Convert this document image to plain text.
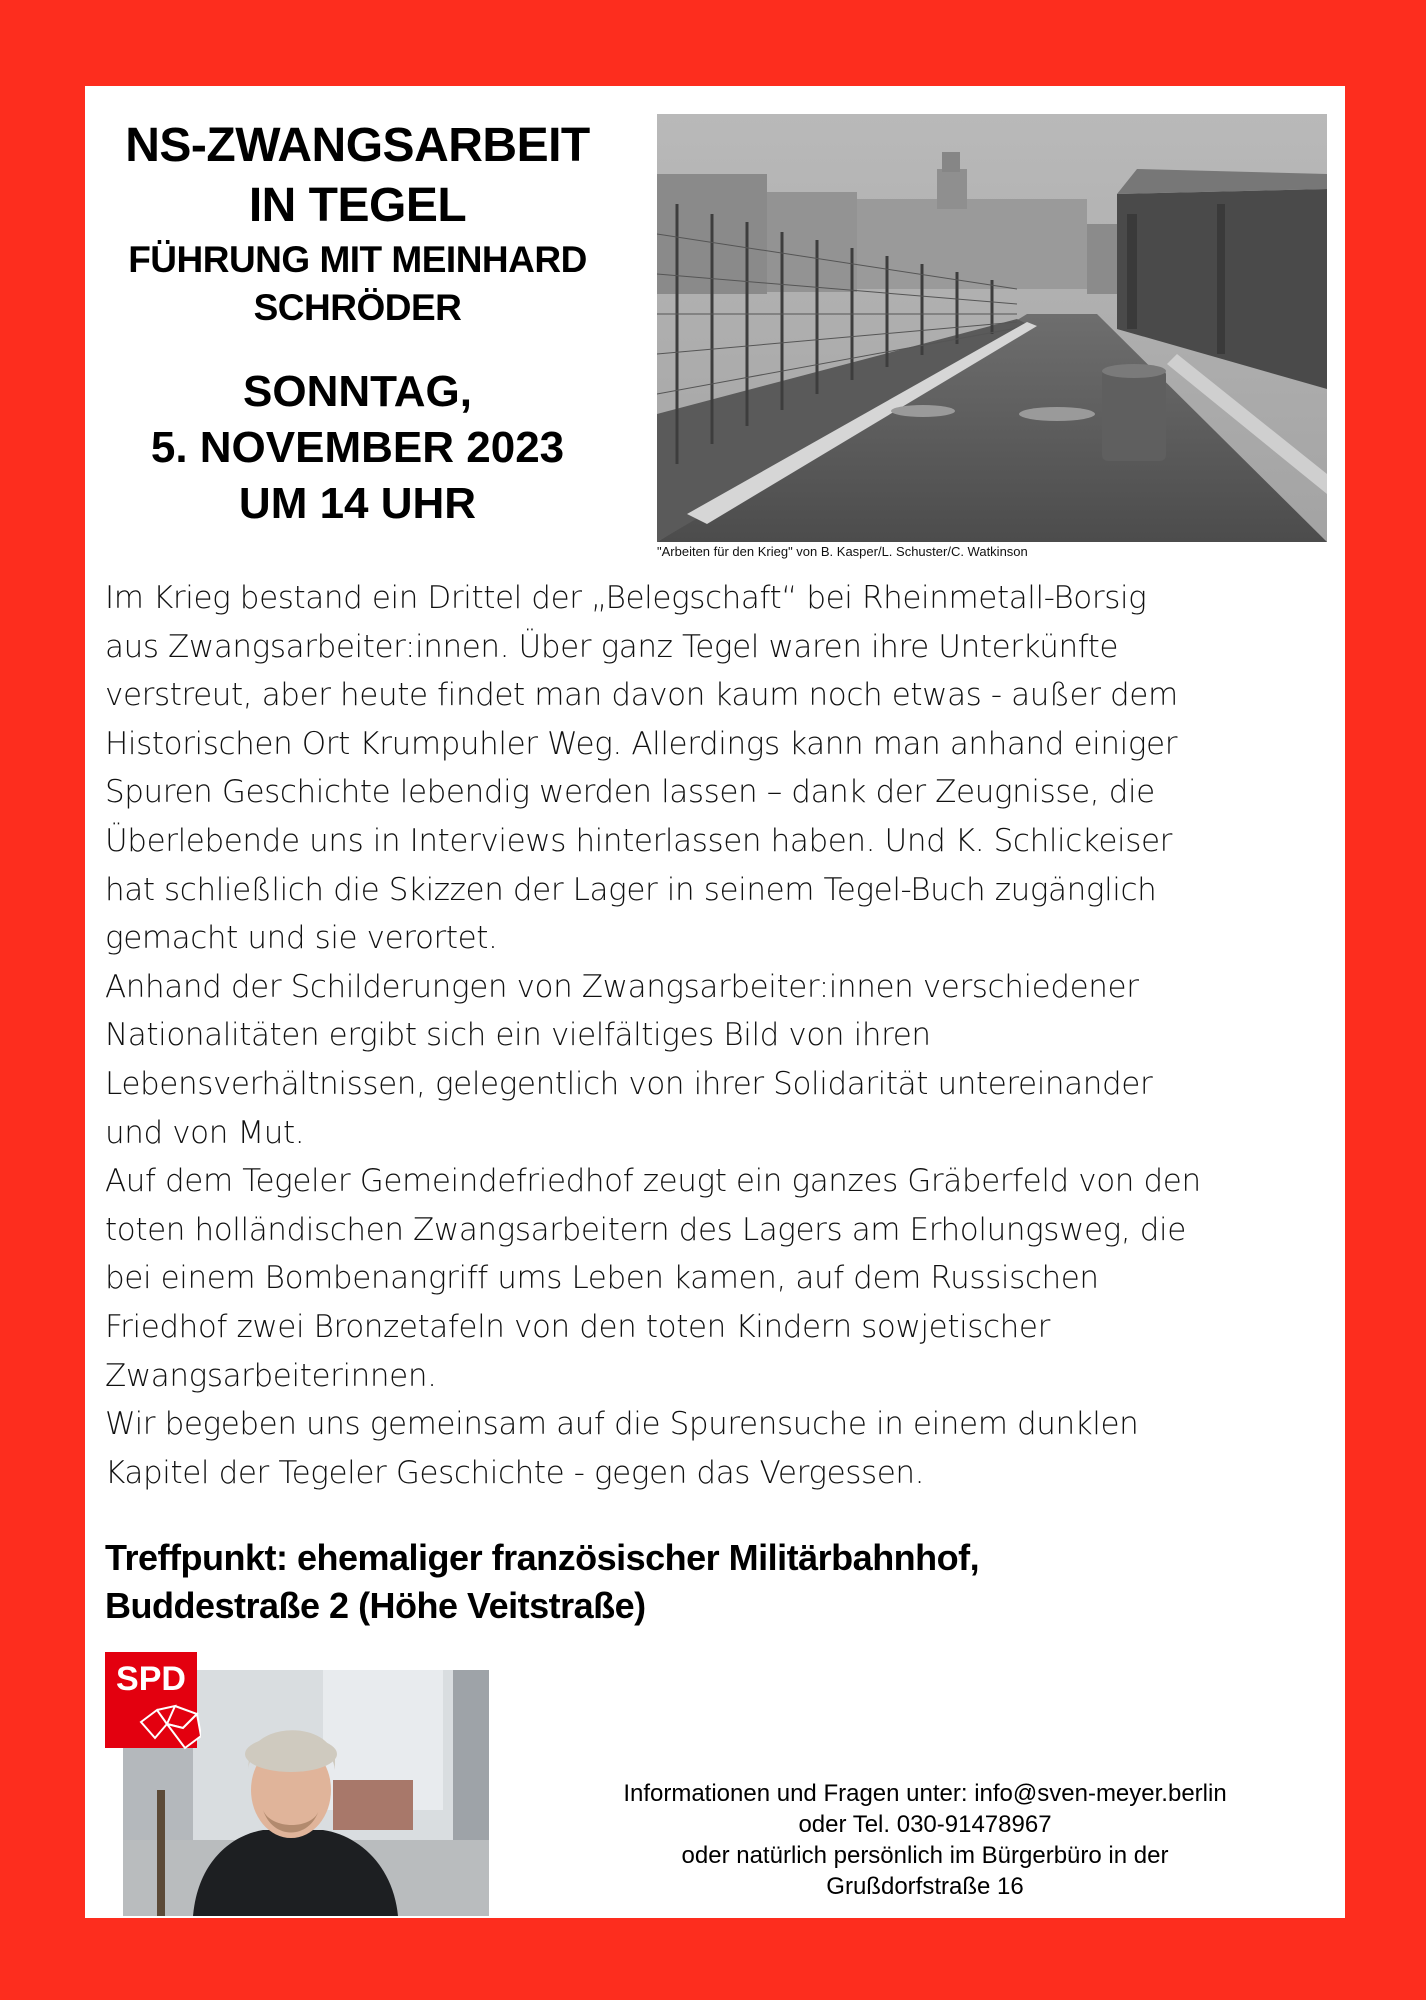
NS-ZWANGSARBEIT
IN TEGEL
FÜHRUNG MIT MEINHARD
SCHRÖDER
SONNTAG,
5. NOVEMBER 2023
UM 14 UHR
"Arbeiten für den Krieg" von B. Kasper/L. Schuster/C. Watkinson
Im Krieg bestand ein Drittel der „Belegschaft“ bei Rheinmetall-Borsig
aus Zwangsarbeiter:innen. Über ganz Tegel waren ihre Unterkünfte
verstreut, aber heute findet man davon kaum noch etwas - außer dem
Historischen Ort Krumpuhler Weg. Allerdings kann man anhand einiger
Spuren Geschichte lebendig werden lassen – dank der Zeugnisse, die
Überlebende uns in Interviews hinterlassen haben. Und K. Schlickeiser
hat schließlich die Skizzen der Lager in seinem Tegel-Buch zugänglich
gemacht und sie verortet.
Anhand der Schilderungen von Zwangsarbeiter:innen verschiedener
Nationalitäten ergibt sich ein vielfältiges Bild von ihren
Lebensverhältnissen, gelegentlich von ihrer Solidarität untereinander
und von Mut.
Auf dem Tegeler Gemeindefriedhof zeugt ein ganzes Gräberfeld von den
toten holländischen Zwangsarbeitern des Lagers am Erholungsweg, die
bei einem Bombenangriff ums Leben kamen, auf dem Russischen
Friedhof zwei Bronzetafeln von den toten Kindern sowjetischer
Zwangsarbeiterinnen.
Wir begeben uns gemeinsam auf die Spurensuche in einem dunklen
Kapitel der Tegeler Geschichte - gegen das Vergessen.
Treffpunkt: ehemaliger französischer Militärbahnhof,
Buddestraße 2 (Höhe Veitstraße)
SPD
Informationen und Fragen unter: info@sven-meyer.berlin
oder Tel. 030-91478967
oder natürlich persönlich im Bürgerbüro in der
Grußdorfstraße 16
